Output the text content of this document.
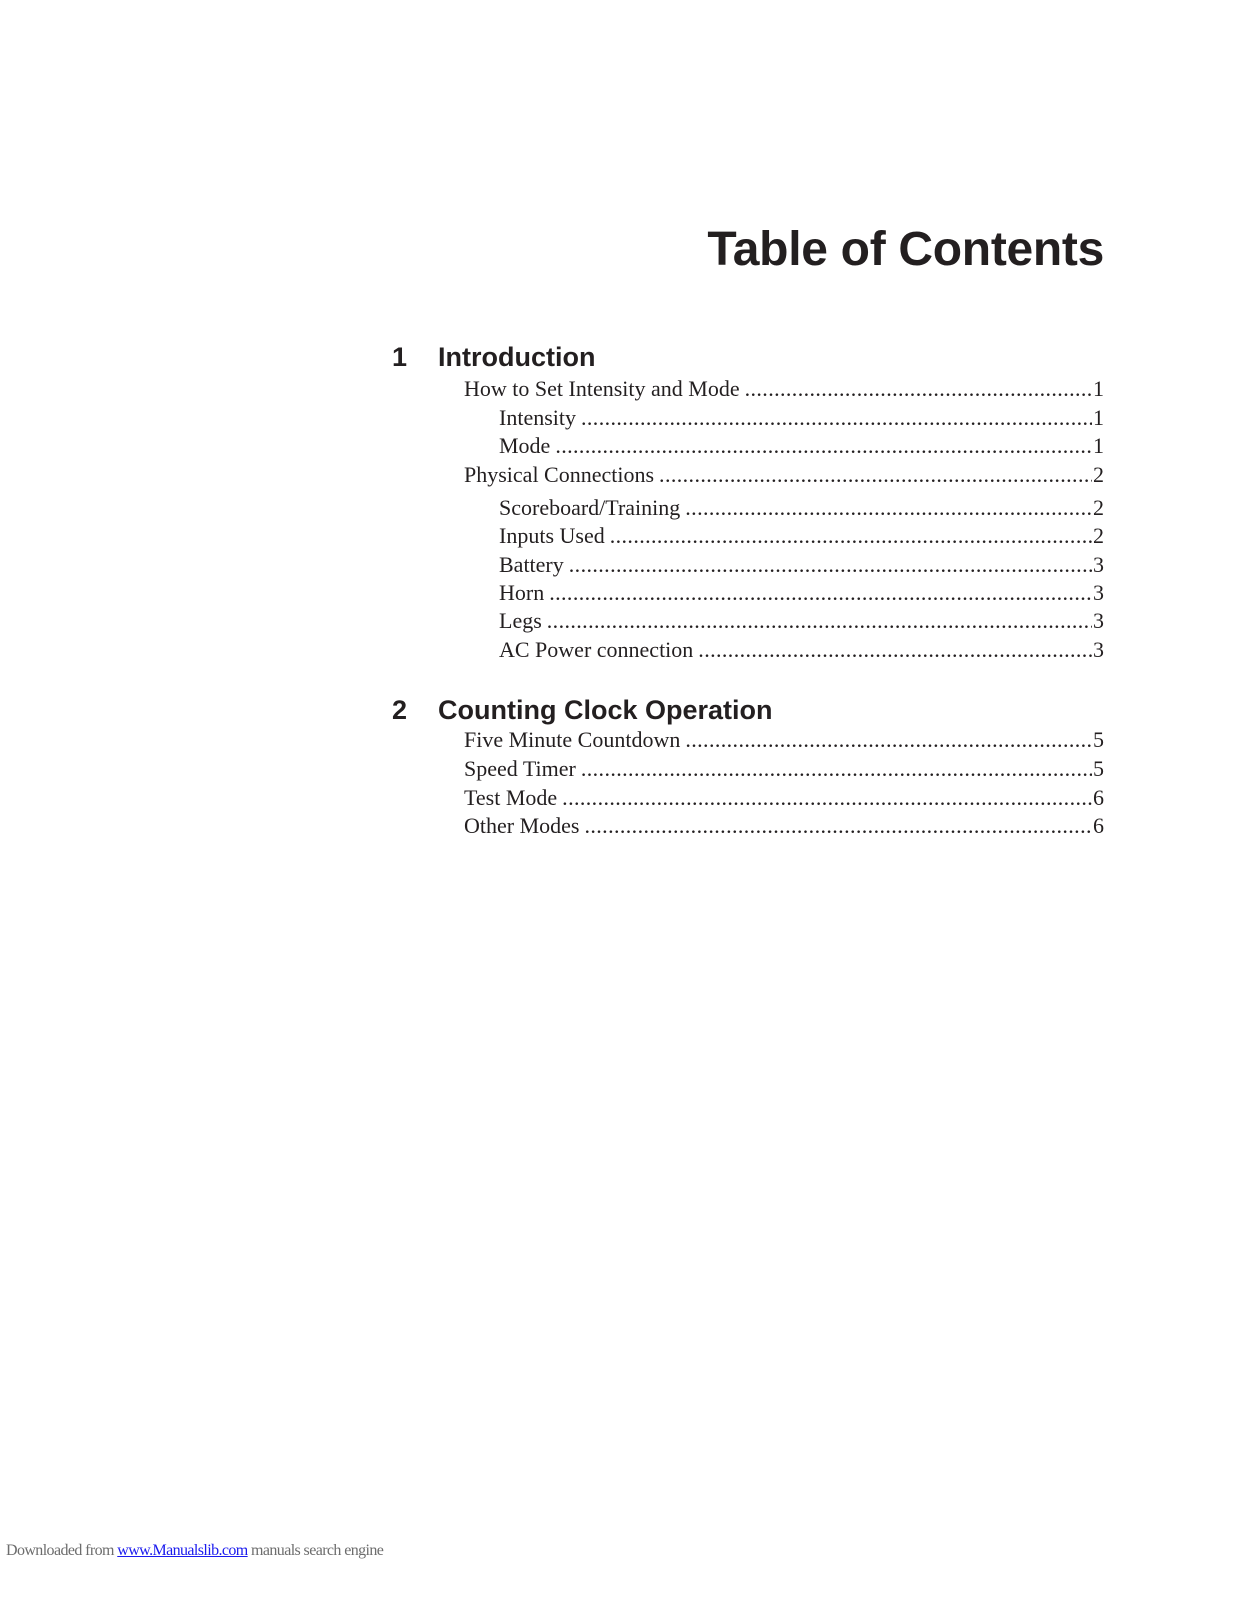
Table of Contents
1 Introduction
How to Set Intensity and Mode .....	1
Intensity .....	1
Mode .....	1
Physical Connections .....	2
Scoreboard/Training .....	2
Inputs Used .....	2
Battery .....	3
Horn .....	3
Legs .....	3
AC Power connection .....	3
2 Counting Clock Operation
Five Minute Countdown .....	5
Speed Timer .....	5
Test Mode .....	6
Other Modes .....	6
Downloaded from www.Manualslib.com manuals search engine
